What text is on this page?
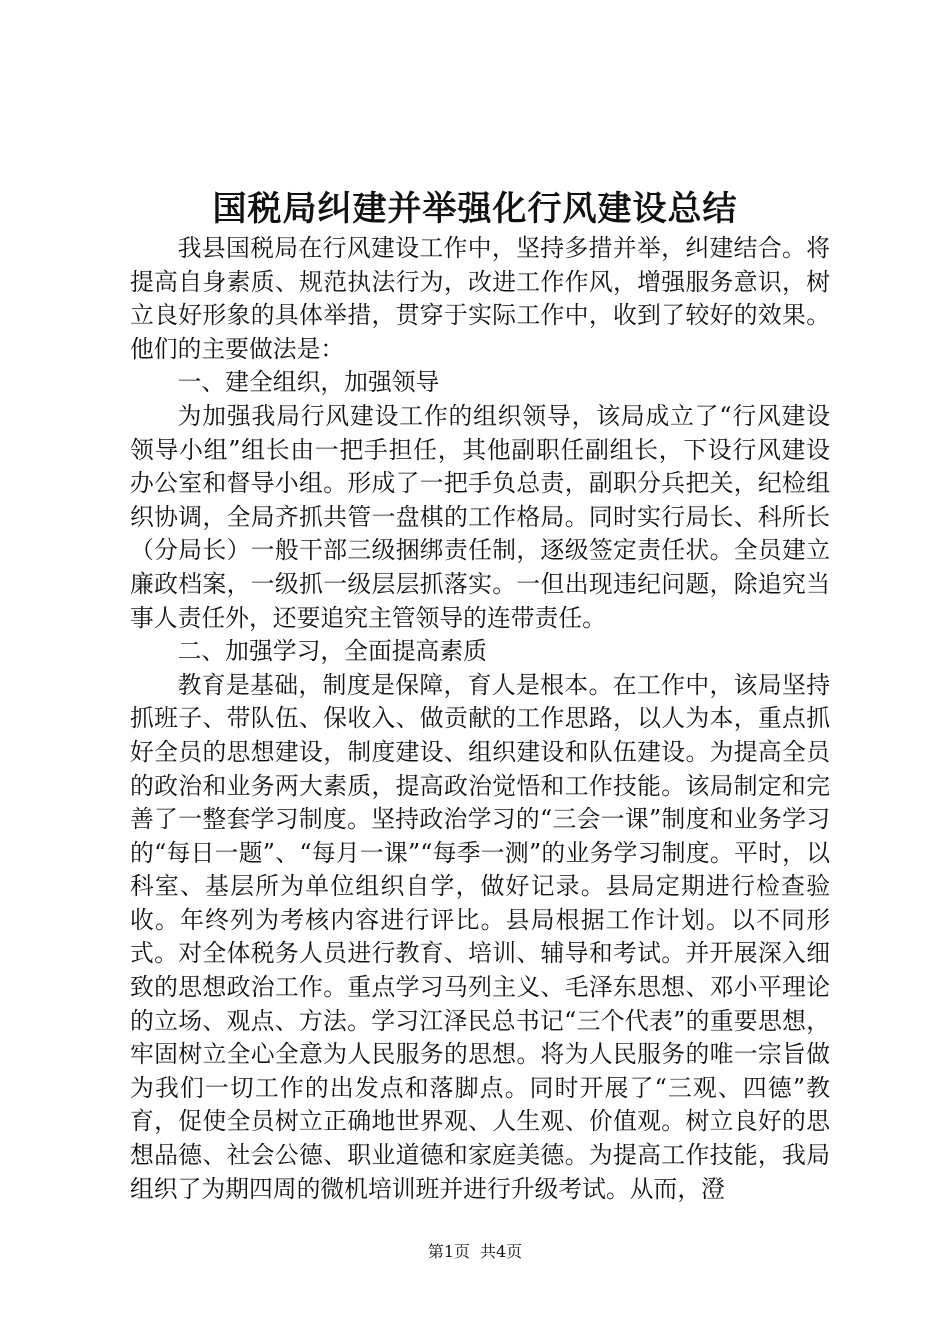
国税局纠建并举强化行风建设总结

我县国税局在行风建设工作中，坚持多措并举，纠建结合。将提高自身素质、规范执法行为，改进工作作风，增强服务意识，树立良好形象的具体举措，贯穿于实际工作中，收到了较好的效果。他们的主要做法是：

一、建全组织，加强领导

为加强我局行风建设工作的组织领导，该局成立了“行风建设领导小组”组长由一把手担任，其他副职任副组长，下设行风建设办公室和督导小组。形成了一把手负总责，副职分兵把关，纪检组织协调，全局齐抓共管一盘棋的工作格局。同时实行局长、科所长（分局长）一般干部三级捆绑责任制，逐级签定责任状。全员建立廉政档案，一级抓一级层层抓落实。一但出现违纪问题，除追究当事人责任外，还要追究主管领导的连带责任。

二、加强学习，全面提高素质

教育是基础，制度是保障，育人是根本。在工作中，该局坚持抓班子、带队伍、保收入、做贡献的工作思路，以人为本，重点抓好全员的思想建设，制度建设、组织建设和队伍建设。为提高全员的政治和业务两大素质，提高政治觉悟和工作技能。该局制定和完善了一整套学习制度。坚持政治学习的“三会一课”制度和业务学习的“每日一题”、“每月一课”“每季一测”的业务学习制度。平时，以科室、基层所为单位组织自学，做好记录。县局定期进行检查验收。年终列为考核内容进行评比。县局根据工作计划。以不同形式。对全体税务人员进行教育、培训、辅导和考试。并开展深入细致的思想政治工作。重点学习马列主义、毛泽东思想、邓小平理论的立场、观点、方法。学习江泽民总书记“三个代表”的重要思想，牢固树立全心全意为人民服务的思想。将为人民服务的唯一宗旨做为我们一切工作的出发点和落脚点。同时开展了“三观、四德”教育，促使全员树立正确地世界观、人生观、价值观。树立良好的思想品德、社会公德、职业道德和家庭美德。为提高工作技能，我局组织了为期四周的微机培训班并进行升级考试。从而，澄

第1页 共4页
